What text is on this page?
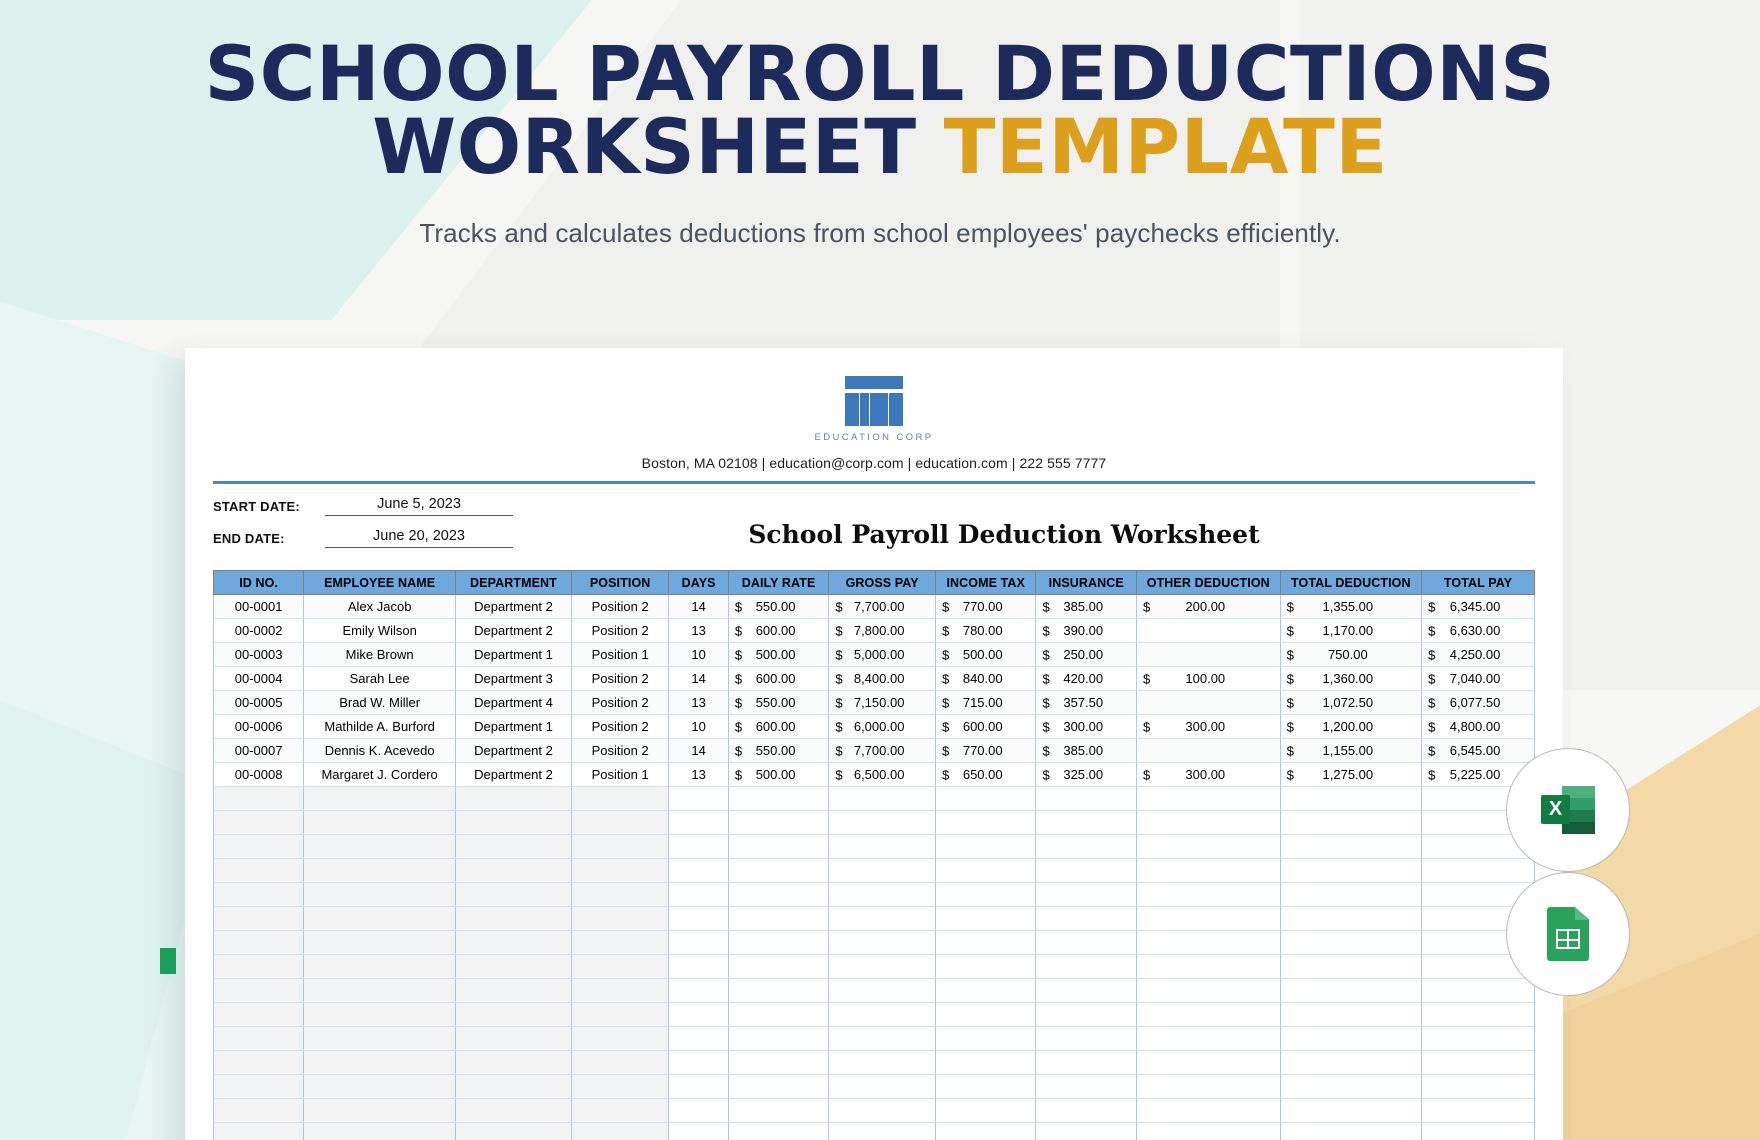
SCHOOL PAYROLL DEDUCTIONS
WORKSHEET TEMPLATE
Tracks and calculates deductions from school employees' paychecks efficiently.
EDUCATION CORP
Boston, MA 02108 | education@corp.com | education.com | 222 555 7777
START DATE:	June 5, 2023
END DATE:	June 20, 2023	School Payroll Deduction Worksheet
ID NO.	EMPLOYEE NAME	DEPARTMENT	POSITION	DAYS	DAILY RATE	GROSS PAY	INCOME TAX	INSURANCE	OTHER DEDUCTION	TOTAL DEDUCTION	TOTAL PAY
00-0001	Alex Jacob	Department 2	Position 2	14	$ 550.00	$ 7,700.00	$ 770.00	$ 385.00	$ 200.00	$ 1,355.00	$ 6,345.00
00-0002	Emily Wilson	Department 2	Position 2	13	$ 600.00	$ 7,800.00	$ 780.00	$ 390.00		$ 1,170.00	$ 6,630.00
00-0003	Mike Brown	Department 1	Position 1	10	$ 500.00	$ 5,000.00	$ 500.00	$ 250.00		$ 750.00	$ 4,250.00
00-0004	Sarah Lee	Department 3	Position 2	14	$ 600.00	$ 8,400.00	$ 840.00	$ 420.00	$ 100.00	$ 1,360.00	$ 7,040.00
00-0005	Brad W. Miller	Department 4	Position 2	13	$ 550.00	$ 7,150.00	$ 715.00	$ 357.50		$ 1,072.50	$ 6,077.50
00-0006	Mathilde A. Burford	Department 1	Position 2	10	$ 600.00	$ 6,000.00	$ 600.00	$ 300.00	$ 300.00	$ 1,200.00	$ 4,800.00
00-0007	Dennis K. Acevedo	Department 2	Position 2	14	$ 550.00	$ 7,700.00	$ 770.00	$ 385.00		$ 1,155.00	$ 6,545.00
00-0008	Margaret J. Cordero	Department 2	Position 1	13	$ 500.00	$ 6,500.00	$ 650.00	$ 325.00	$ 300.00	$ 1,275.00	$ 5,225.00

X
